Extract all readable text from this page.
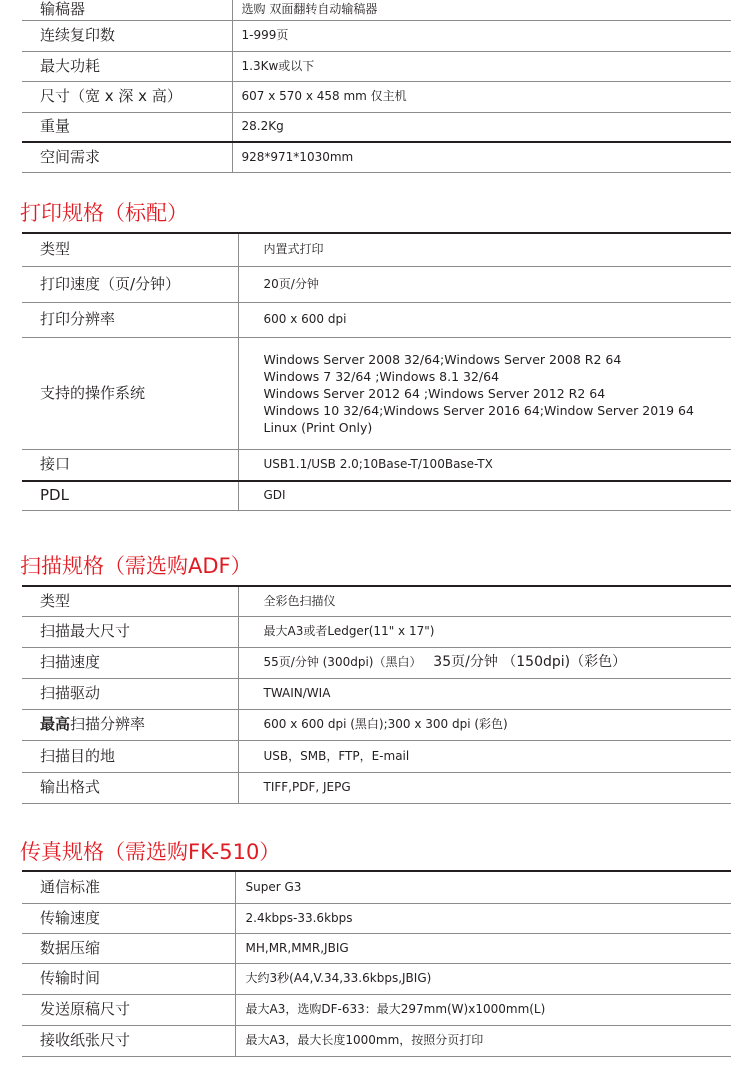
输稿器	选购 双面翻转自动输稿器
连续复印数	1-999页
最大功耗	1.3Kw或以下
尺寸（宽 x 深 x 高）	607 x 570 x 458 mm 仅主机
重量	28.2Kg
空间需求	928*971*1030mm
打印规格（标配）
类型	内置式打印
打印速度（页/分钟）	20页/分钟
打印分辨率	600 x 600 dpi
支持的操作系统	Windows Server 2008 32/64;Windows Server 2008 R2 64
Windows 7 32/64 ;Windows 8.1 32/64
Windows Server 2012 64 ;Windows Server 2012 R2 64
Windows 10 32/64;Windows Server 2016 64;Window Server 2019 64
Linux (Print Only)

接口	USB1.1/USB 2.0;10Base-T/100Base-TX
PDL	GDI
扫描规格（需选购ADF）
类型	全彩色扫描仪
扫描最大尺寸	最大A3或者Ledger(11" x 17")
扫描速度	55页/分钟 (300dpi)（黑白） 35页/分钟 （150dpi)（彩色）
扫描驱动	TWAIN/WIA
最高扫描分辨率	600 x 600 dpi (黑白);300 x 300 dpi (彩色)
扫描目的地	USB，SMB，FTP，E-mail
输出格式	TIFF,PDF, JEPG
传真规格（需选购FK-510）
通信标准	Super G3
传输速度	2.4kbps-33.6kbps
数据压缩	MH,MR,MMR,JBIG
传输时间	大约3秒(A4,V.34,33.6kbps,JBIG)
发送原稿尺寸	最大A3，选购DF-633：最大297mm(W)x1000mm(L)
接收纸张尺寸	最大A3，最大长度1000mm，按照分页打印
